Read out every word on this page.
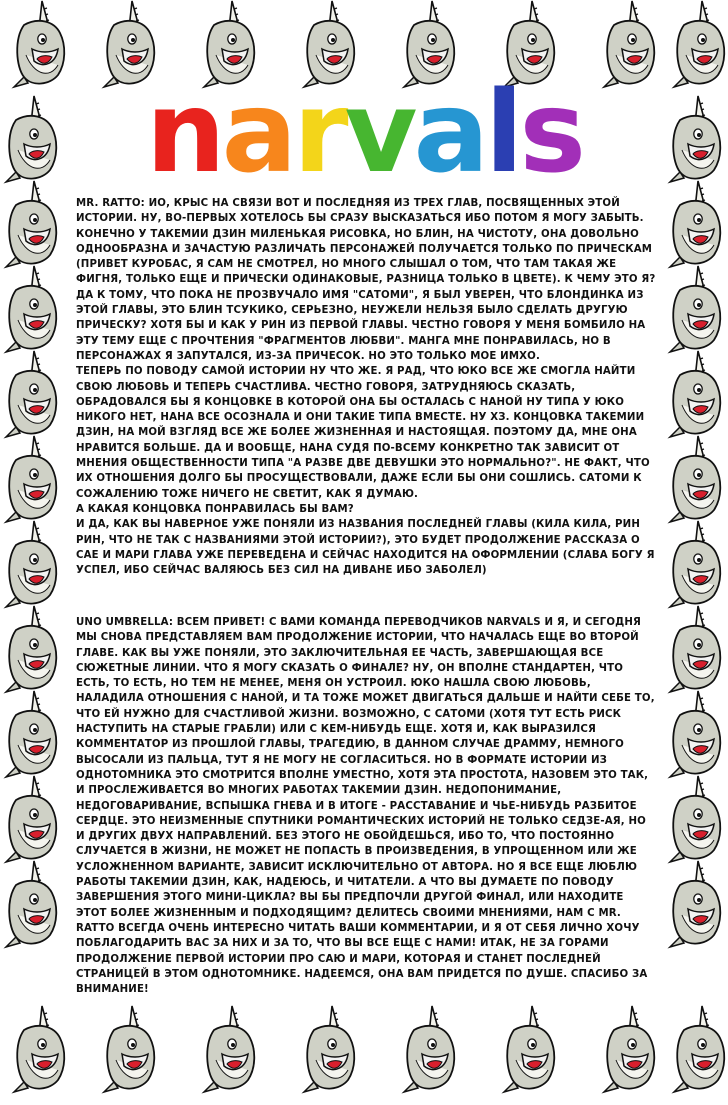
n a r v a l s

MR. RATTO: ИО, КРЫС НА СВЯЗИ ВОТ И ПОСЛЕДНЯЯ ИЗ ТРЕХ ГЛАВ, ПОСВЯЩЕННЫХ ЭТОЙ ИСТОРИИ. НУ, ВО-ПЕРВЫХ ХОТЕЛОСЬ БЫ СРАЗУ ВЫСКАЗАТЬСЯ ИБО ПОТОМ Я МОГУ ЗАБЫТЬ. КОНЕЧНО У ТАКЕМИИ ДЗИН МИЛЕНЬКАЯ РИСОВКА, НО БЛИН, НА ЧИСТОТУ, ОНА ДОВОЛЬНО ОДНООБРАЗНА И ЗАЧАСТУЮ РАЗЛИЧАТЬ ПЕРСОНАЖЕЙ ПОЛУЧАЕТСЯ ТОЛЬКО ПО ПРИЧЕСКАМ (ПРИВЕТ КУРОБАС, Я САМ НЕ СМОТРЕЛ, НО МНОГО СЛЫШАЛ О ТОМ, ЧТО ТАМ ТАКАЯ ЖЕ ФИГНЯ, ТОЛЬКО ЕЩЕ И ПРИЧЕСКИ ОДИНАКОВЫЕ, РАЗНИЦА ТОЛЬКО В ЦВЕТЕ). К ЧЕМУ ЭТО Я? ДА К ТОМУ, ЧТО ПОКА НЕ ПРОЗВУЧАЛО ИМЯ "САТОМИ", Я БЫЛ УВЕРЕН, ЧТО БЛОНДИНКА ИЗ ЭТОЙ ГЛАВЫ, ЭТО БЛИН ТСУКИКО, СЕРЬЕЗНО, НЕУЖЕЛИ НЕЛЬЗЯ БЫЛО СДЕЛАТЬ ДРУГУЮ ПРИЧЕСКУ? ХОТЯ БЫ И КАК У РИН ИЗ ПЕРВОЙ ГЛАВЫ. ЧЕСТНО ГОВОРЯ У МЕНЯ БОМБИЛО НА ЭТУ ТЕМУ ЕЩЕ С ПРОЧТЕНИЯ "ФРАГМЕНТОВ ЛЮБВИ". МАНГА МНЕ ПОНРАВИЛАСЬ, НО В ПЕРСОНАЖАХ Я ЗАПУТАЛСЯ, ИЗ-ЗА ПРИЧЕСОК. НО ЭТО ТОЛЬКО МОЕ ИМХО.

ТЕПЕРЬ ПО ПОВОДУ САМОЙ ИСТОРИИ НУ ЧТО ЖЕ. Я РАД, ЧТО ЮКО ВСЕ ЖЕ СМОГЛА НАЙТИ СВОЮ ЛЮБОВЬ И ТЕПЕРЬ СЧАСТЛИВА. ЧЕСТНО ГОВОРЯ, ЗАТРУДНЯЮСЬ СКАЗАТЬ, ОБРАДОВАЛСЯ БЫ Я КОНЦОВКЕ В КОТОРОЙ ОНА БЫ ОСТАЛАСЬ С НАНОЙ НУ ТИПА У ЮКО НИКОГО НЕТ, НАНА ВСЕ ОСОЗНАЛА И ОНИ ТАКИЕ ТИПА ВМЕСТЕ. НУ ХЗ. КОНЦОВКА ТАКЕМИИ ДЗИН, НА МОЙ ВЗГЛЯД ВСЕ ЖЕ БОЛЕЕ ЖИЗНЕННАЯ И НАСТОЯЩАЯ. ПОЭТОМУ ДА, МНЕ ОНА НРАВИТСЯ БОЛЬШЕ. ДА И ВООБЩЕ, НАНА СУДЯ ПО-ВСЕМУ КОНКРЕТНО ТАК ЗАВИСИТ ОТ МНЕНИЯ ОБЩЕСТВЕННОСТИ ТИПА "А РАЗВЕ ДВЕ ДЕВУШКИ ЭТО НОРМАЛЬНО?". НЕ ФАКТ, ЧТО ИХ ОТНОШЕНИЯ ДОЛГО БЫ ПРОСУЩЕСТВОВАЛИ, ДАЖЕ ЕСЛИ БЫ ОНИ СОШЛИСЬ. САТОМИ К СОЖАЛЕНИЮ ТОЖЕ НИЧЕГО НЕ СВЕТИТ, КАК Я ДУМАЮ.

А КАКАЯ КОНЦОВКА ПОНРАВИЛАСЬ БЫ ВАМ?

И ДА, КАК ВЫ НАВЕРНОЕ УЖЕ ПОНЯЛИ ИЗ НАЗВАНИЯ ПОСЛЕДНЕЙ ГЛАВЫ (КИЛА КИЛА, РИН РИН, ЧТО НЕ ТАК С НАЗВАНИЯМИ ЭТОЙ ИСТОРИИ?), ЭТО БУДЕТ ПРОДОЛЖЕНИЕ РАССКАЗА О САЕ И МАРИ ГЛАВА УЖЕ ПЕРЕВЕДЕНА И СЕЙЧАС НАХОДИТСЯ НА ОФОРМЛЕНИИ (СЛАВА БОГУ Я УСПЕЛ, ИБО СЕЙЧАС ВАЛЯЮСЬ БЕЗ СИЛ НА ДИВАНЕ ИБО ЗАБОЛЕЛ)

UNO UMBRELLA: ВСЕМ ПРИВЕТ! С ВАМИ КОМАНДА ПЕРЕВОДЧИКОВ NARVALS И Я, И СЕГОДНЯ МЫ СНОВА ПРЕДСТАВЛЯЕМ ВАМ ПРОДОЛЖЕНИЕ ИСТОРИИ, ЧТО НАЧАЛАСЬ ЕЩЕ ВО ВТОРОЙ ГЛАВЕ. КАК ВЫ УЖЕ ПОНЯЛИ, ЭТО ЗАКЛЮЧИТЕЛЬНАЯ ЕЕ ЧАСТЬ, ЗАВЕРШАЮЩАЯ ВСЕ СЮЖЕТНЫЕ ЛИНИИ. ЧТО Я МОГУ СКАЗАТЬ О ФИНАЛЕ? НУ, ОН ВПОЛНЕ СТАНДАРТЕН, ЧТО ЕСТЬ, ТО ЕСТЬ, НО ТЕМ НЕ МЕНЕЕ, МЕНЯ ОН УСТРОИЛ. ЮКО НАШЛА СВОЮ ЛЮБОВЬ, НАЛАДИЛА ОТНОШЕНИЯ С НАНОЙ, И ТА ТОЖЕ МОЖЕТ ДВИГАТЬСЯ ДАЛЬШЕ И НАЙТИ СЕБЕ ТО, ЧТО ЕЙ НУЖНО ДЛЯ СЧАСТЛИВОЙ ЖИЗНИ. ВОЗМОЖНО, С САТОМИ (ХОТЯ ТУТ ЕСТЬ РИСК НАСТУПИТЬ НА СТАРЫЕ ГРАБЛИ) ИЛИ С КЕМ-НИБУДЬ ЕЩЕ. ХОТЯ И, КАК ВЫРАЗИЛСЯ КОММЕНТАТОР ИЗ ПРОШЛОЙ ГЛАВЫ, ТРАГЕДИЮ, В ДАННОМ СЛУЧАЕ ДРАММУ, НЕМНОГО ВЫСОСАЛИ ИЗ ПАЛЬЦА, ТУТ Я НЕ МОГУ НЕ СОГЛАСИТЬСЯ. НО В ФОРМАТЕ ИСТОРИИ ИЗ ОДНОТОМНИКА ЭТО СМОТРИТСЯ ВПОЛНЕ УМЕСТНО, ХОТЯ ЭТА ПРОСТОТА, НАЗОВЕМ ЭТО ТАК, И ПРОСЛЕЖИВАЕТСЯ ВО МНОГИХ РАБОТАХ ТАКЕМИИ ДЗИН. НЕДОПОНИМАНИЕ, НЕДОГОВАРИВАНИЕ, ВСПЫШКА ГНЕВА И В ИТОГЕ - РАССТАВАНИЕ И ЧЬЕ-НИБУДЬ РАЗБИТОЕ СЕРДЦЕ. ЭТО НЕИЗМЕННЫЕ СПУТНИКИ РОМАНТИЧЕСКИХ ИСТОРИЙ НЕ ТОЛЬКО СЕДЗЕ-АЯ, НО И ДРУГИХ ДВУХ НАПРАВЛЕНИЙ. БЕЗ ЭТОГО НЕ ОБОЙДЕШЬСЯ, ИБО ТО, ЧТО ПОСТОЯННО СЛУЧАЕТСЯ В ЖИЗНИ, НЕ МОЖЕТ НЕ ПОПАСТЬ В ПРОИЗВЕДЕНИЯ, В УПРОЩЕННОМ ИЛИ ЖЕ УСЛОЖНЕННОМ ВАРИАНТЕ, ЗАВИСИТ ИСКЛЮЧИТЕЛЬНО ОТ АВТОРА. НО Я ВСЕ ЕЩЕ ЛЮБЛЮ РАБОТЫ ТАКЕМИИ ДЗИН, КАК, НАДЕЮСЬ, И ЧИТАТЕЛИ. А ЧТО ВЫ ДУМАЕТЕ ПО ПОВОДУ ЗАВЕРШЕНИЯ ЭТОГО МИНИ-ЦИКЛА? ВЫ БЫ ПРЕДПОЧЛИ ДРУГОЙ ФИНАЛ, ИЛИ НАХОДИТЕ ЭТОТ БОЛЕЕ ЖИЗНЕННЫМ И ПОДХОДЯЩИМ? ДЕЛИТЕСЬ СВОИМИ МНЕНИЯМИ, НАМ С MR. RATTO ВСЕГДА ОЧЕНЬ ИНТЕРЕСНО ЧИТАТЬ ВАШИ КОММЕНТАРИИ, И Я ОТ СЕБЯ ЛИЧНО ХОЧУ ПОБЛАГОДАРИТЬ ВАС ЗА НИХ И ЗА ТО, ЧТО ВЫ ВСЕ ЕЩЕ С НАМИ! ИТАК, НЕ ЗА ГОРАМИ ПРОДОЛЖЕНИЕ ПЕРВОЙ ИСТОРИИ ПРО САЮ И МАРИ, КОТОРАЯ И СТАНЕТ ПОСЛЕДНЕЙ СТРАНИЦЕЙ В ЭТОМ ОДНОТОМНИКЕ. НАДЕЕМСЯ, ОНА ВАМ ПРИДЕТСЯ ПО ДУШЕ. СПАСИБО ЗА ВНИМАНИЕ!
